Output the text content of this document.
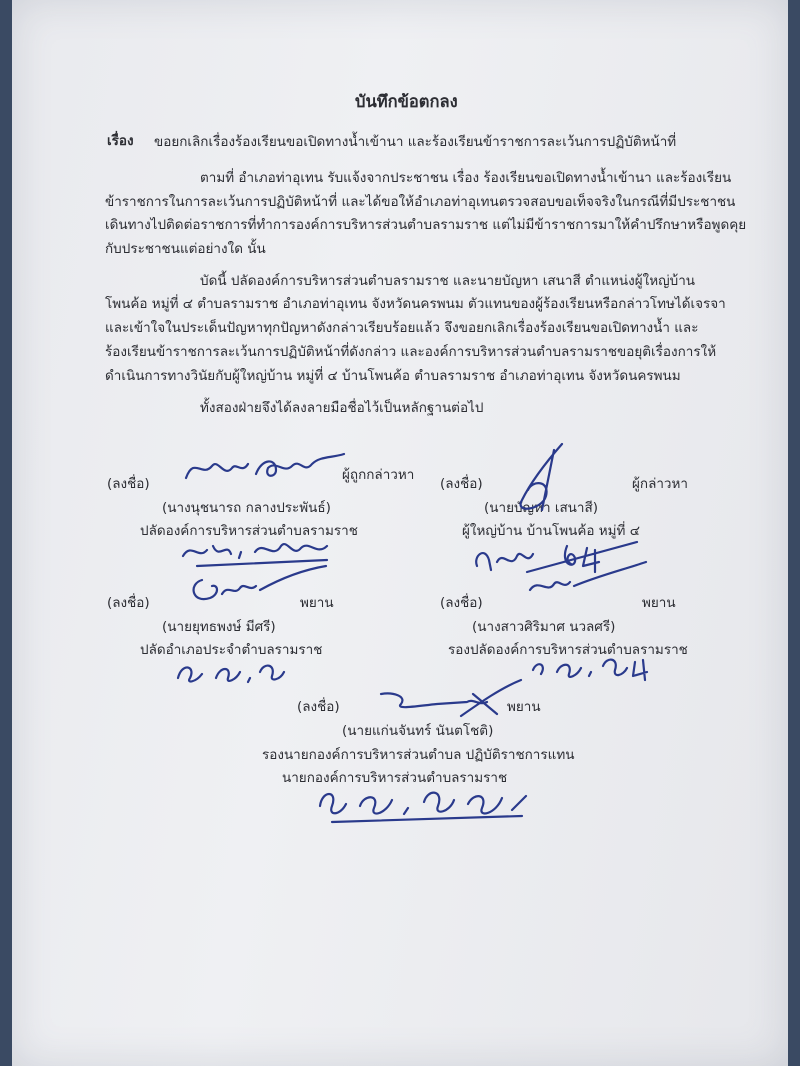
บันทึกข้อตกลง
เรื่อง ขอยกเลิกเรื่องร้องเรียนขอเปิดทางน้ำเข้านา และร้องเรียนข้าราชการละเว้นการปฏิบัติหน้าที่
ตามที่ อำเภอท่าอุเทน รับแจ้งจากประชาชน เรื่อง ร้องเรียนขอเปิดทางน้ำเข้านา และร้องเรียน
ข้าราชการในการละเว้นการปฏิบัติหน้าที่ และได้ขอให้อำเภอท่าอุเทนตรวจสอบขอเท็จจริงในกรณีที่มีประชาชน
เดินทางไปติดต่อราชการที่ทำการองค์การบริหารส่วนตำบลรามราช แต่ไม่มีข้าราชการมาให้คำปรึกษาหรือพูดคุย
กับประชาชนแต่อย่างใด นั้น
บัดนี้ ปลัดองค์การบริหารส่วนตำบลรามราช และนายบัญหา เสนาสี ตำแหน่งผู้ใหญ่บ้าน
โพนค้อ หมู่ที่ ๔ ตำบลรามราช อำเภอท่าอุเทน จังหวัดนครพนม ตัวแทนของผู้ร้องเรียนหรือกล่าวโทษได้เจรจา
และเข้าใจในประเด็นปัญหาทุกปัญหาดังกล่าวเรียบร้อยแล้ว จึงขอยกเลิกเรื่องร้องเรียนขอเปิดทางน้ำ และ
ร้องเรียนข้าราชการละเว้นการปฏิบัติหน้าที่ดังกล่าว และองค์การบริหารส่วนตำบลรามราชขอยุติเรื่องการให้
ดำเนินการทางวินัยกับผู้ใหญ่บ้าน หมู่ที่ ๔ บ้านโพนค้อ ตำบลรามราช อำเภอท่าอุเทน จังหวัดนครพนม
ทั้งสองฝ่ายจึงได้ลงลายมือชื่อไว้เป็นหลักฐานต่อไป
(ลงชื่อ)
ผู้ถูกกล่าวหา
(นางนุชนารถ กลางประพันธ์)
ปลัดองค์การบริหารส่วนตำบลรามราช
(ลงชื่อ)	ผู้กล่าวหา
(นายบัญหา เสนาสี)
ผู้ใหญ่บ้าน บ้านโพนค้อ หมู่ที่ ๔
(ลงชื่อ)	พยาน
(นายยุทธพงษ์ มีศรี)
ปลัดอำเภอประจำตำบลรามราช
(ลงชื่อ)	พยาน
(นางสาวศิริมาศ นวลศรี)
รองปลัดองค์การบริหารส่วนตำบลรามราช
(ลงชื่อ)	พยาน
(นายแก่นจันทร์ นันตโชติ)
รองนายกองค์การบริหารส่วนตำบล ปฏิบัติราชการแทน
นายกองค์การบริหารส่วนตำบลรามราช
